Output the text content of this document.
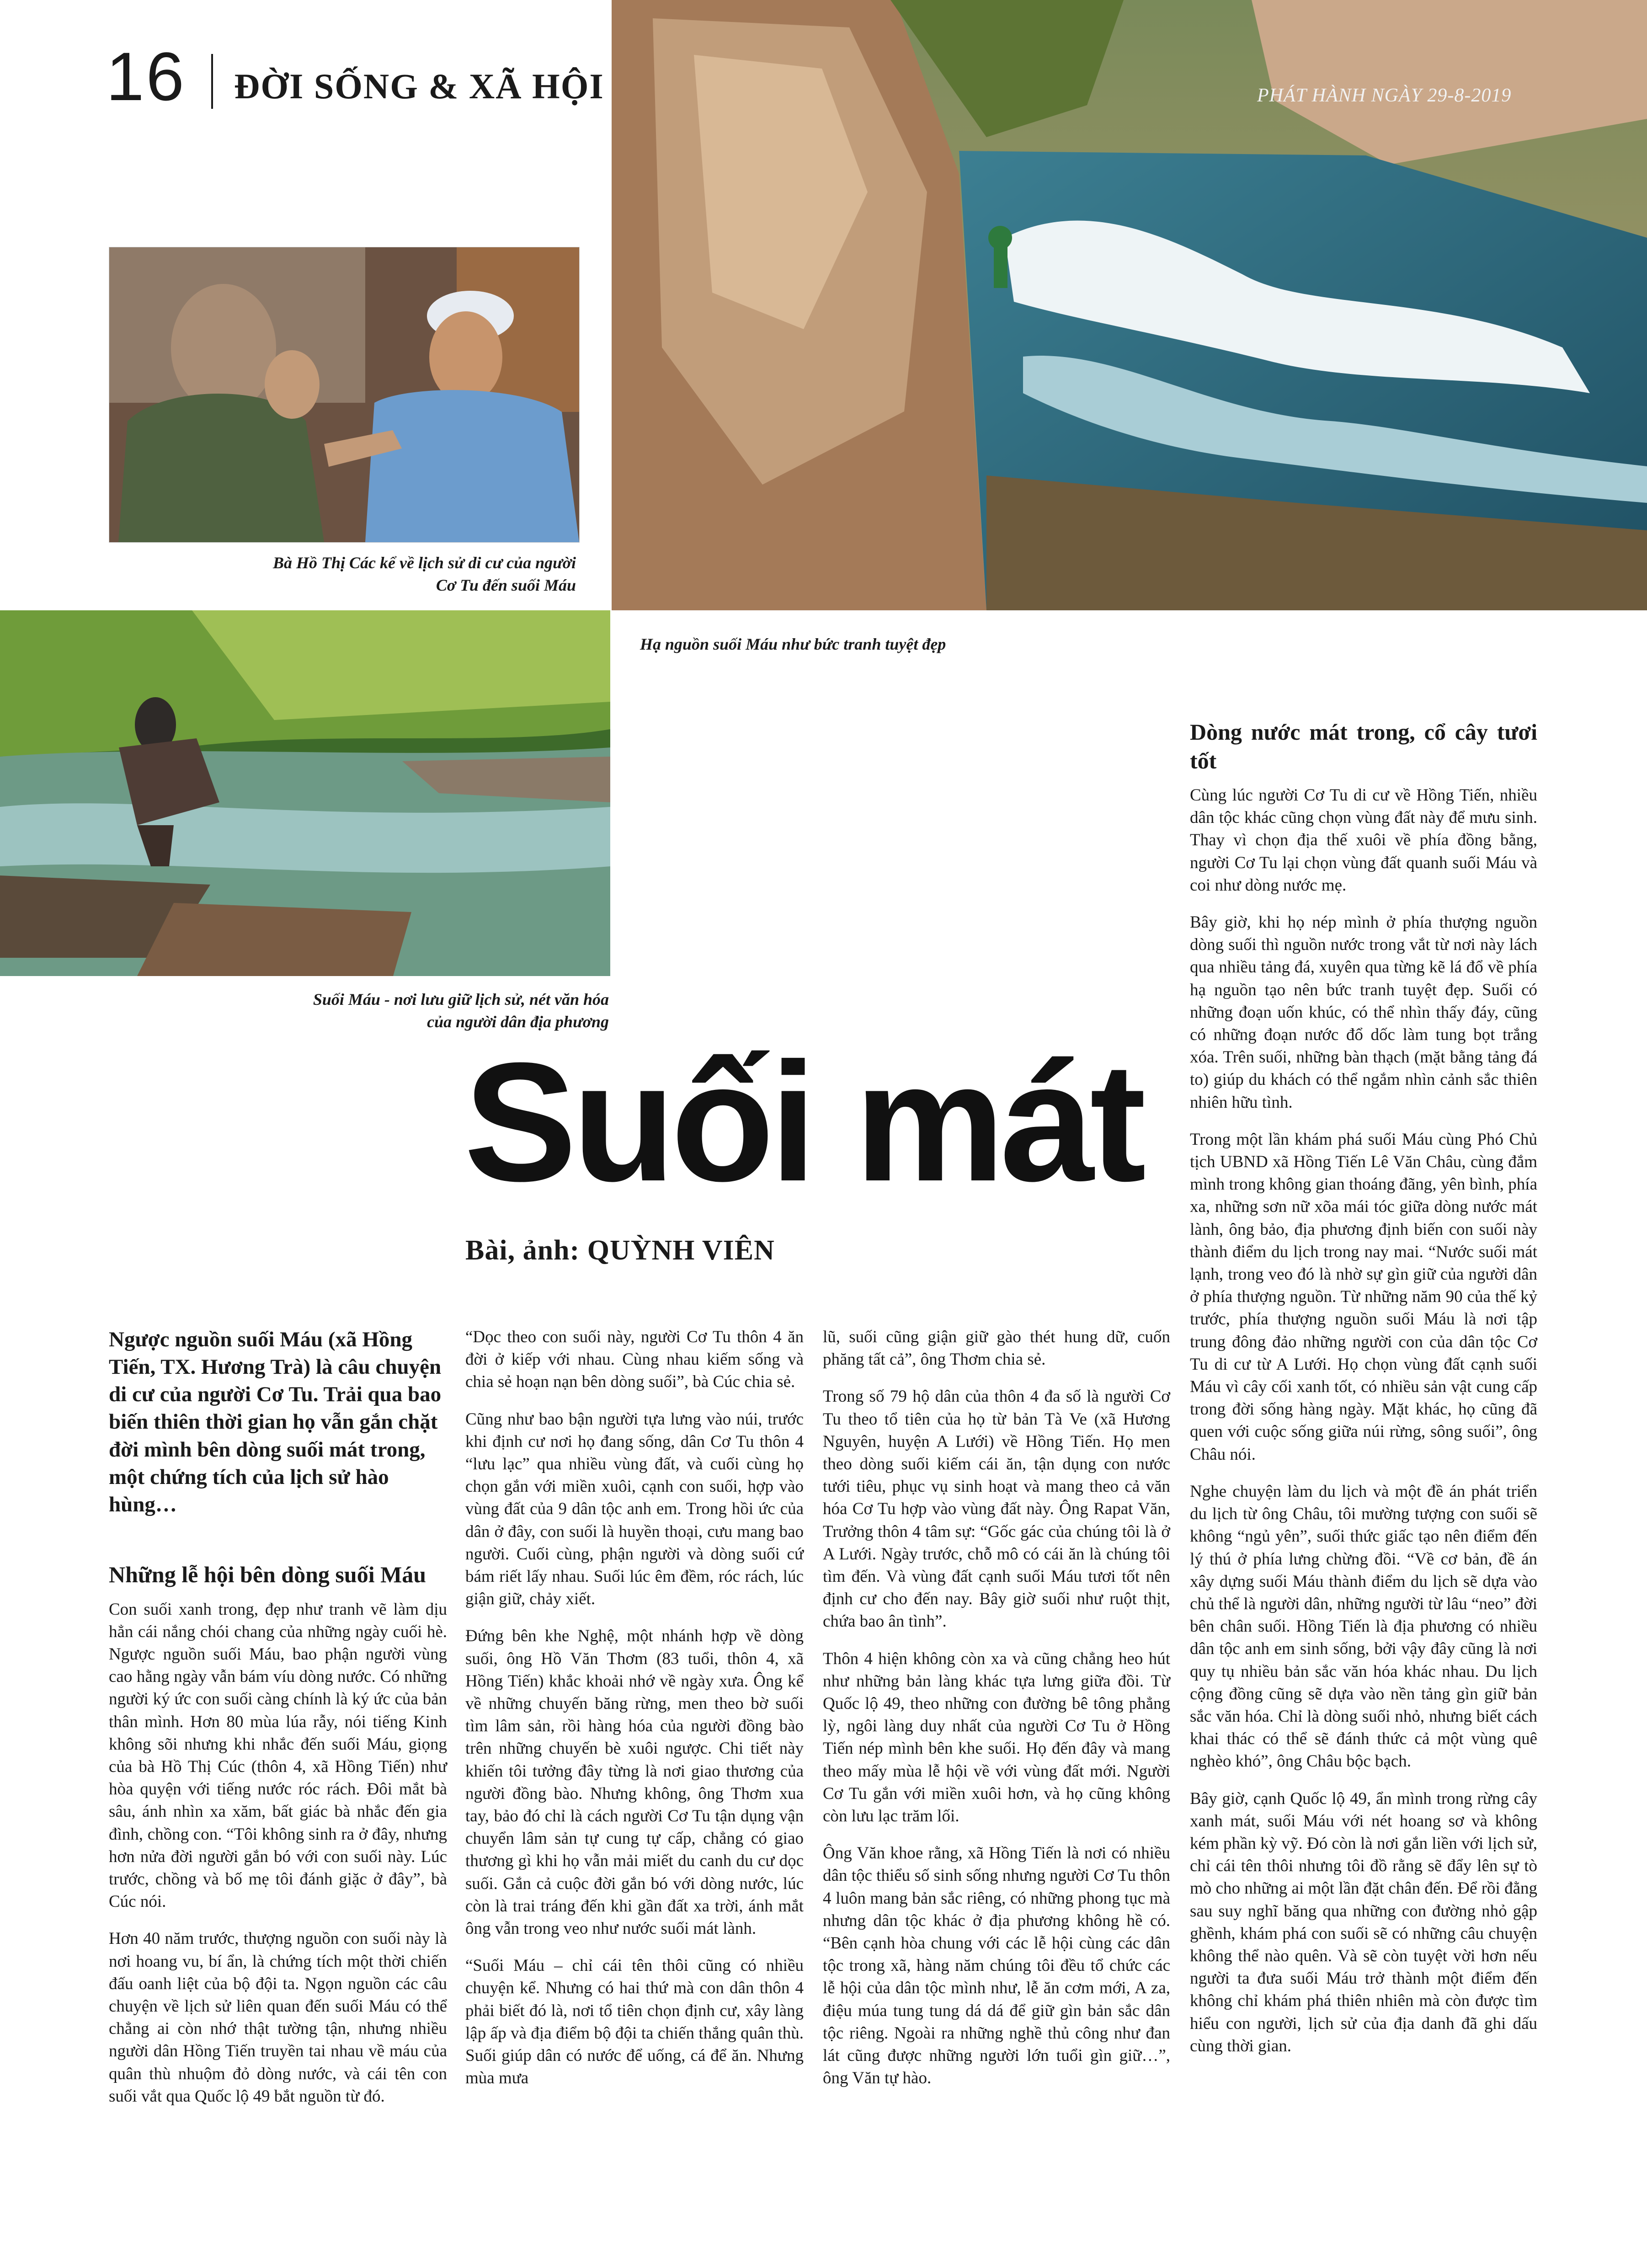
16 ĐỜI SỐNG & XÃ HỘI	PHÁT HÀNH NGÀY 29-8-2019
Bà Hồ Thị Các kể về lịch sử di cư của người Cơ Tu đến suối Máu
Hạ nguồn suối Máu như bức tranh tuyệt đẹp
Suối Máu - nơi lưu giữ lịch sử, nét văn hóa của người dân địa phương
Suối mát
Bài, ảnh: QUỲNH VIÊN

Ngược nguồn suối Máu (xã Hồng Tiến, TX. Hương Trà) là câu chuyện di cư của người Cơ Tu. Trải qua bao biến thiên thời gian họ vẫn gắn chặt đời mình bên dòng suối mát trong, một chứng tích của lịch sử hào hùng…

Những lễ hội bên dòng suối Máu

Con suối xanh trong, đẹp như tranh vẽ làm dịu hẳn cái nắng chói chang của những ngày cuối hè. Ngược nguồn suối Máu, bao phận người vùng cao hằng ngày vẫn bám víu dòng nước. Có những người ký ức con suối càng chính là ký ức của bản thân mình. Hơn 80 mùa lúa rẫy, nói tiếng Kinh không sõi nhưng khi nhắc đến suối Máu, giọng của bà Hồ Thị Cúc (thôn 4, xã Hồng Tiến) như hòa quyện với tiếng nước róc rách. Đôi mắt bà sâu, ánh nhìn xa xăm, bất giác bà nhắc đến gia đình, chồng con. “Tôi không sinh ra ở đây, nhưng hơn nửa đời người gắn bó với con suối này. Lúc trước, chồng và bố mẹ tôi đánh giặc ở đây”, bà Cúc nói.

Hơn 40 năm trước, thượng nguồn con suối này là nơi hoang vu, bí ẩn, là chứng tích một thời chiến đấu oanh liệt của bộ đội ta. Ngọn nguồn các câu chuyện về lịch sử liên quan đến suối Máu có thể chẳng ai còn nhớ thật tường tận, nhưng nhiều người dân Hồng Tiến truyền tai nhau về máu của quân thù nhuộm đỏ dòng nước, và cái tên con suối vắt qua Quốc lộ 49 bắt nguồn từ đó.

“Dọc theo con suối này, người Cơ Tu thôn 4 ăn đời ở kiếp với nhau. Cùng nhau kiếm sống và chia sẻ hoạn nạn bên dòng suối”, bà Cúc chia sẻ.

Cũng như bao bận người tựa lưng vào núi, trước khi định cư nơi họ đang sống, dân Cơ Tu thôn 4 “lưu lạc” qua nhiều vùng đất, và cuối cùng họ chọn gắn với miền xuôi, cạnh con suối, hợp vào vùng đất của 9 dân tộc anh em. Trong hồi ức của dân ở đây, con suối là huyền thoại, cưu mang bao người. Cuối cùng, phận người và dòng suối cứ bám riết lấy nhau. Suối lúc êm đềm, róc rách, lúc giận giữ, chảy xiết.

Đứng bên khe Nghệ, một nhánh hợp về dòng suối, ông Hồ Văn Thơm (83 tuổi, thôn 4, xã Hồng Tiến) khắc khoải nhớ về ngày xưa. Ông kể về những chuyến băng rừng, men theo bờ suối tìm lâm sản, rồi hàng hóa của người đồng bào trên những chuyến bè xuôi ngược. Chi tiết này khiến tôi tưởng đây từng là nơi giao thương của người đồng bào. Nhưng không, ông Thơm xua tay, bảo đó chỉ là cách người Cơ Tu tận dụng vận chuyển lâm sản tự cung tự cấp, chẳng có giao thương gì khi họ vẫn mải miết du canh du cư dọc suối. Gắn cả cuộc đời gắn bó với dòng nước, lúc còn là trai tráng đến khi gần đất xa trời, ánh mắt ông vẫn trong veo như nước suối mát lành.

“Suối Máu – chỉ cái tên thôi cũng có nhiều chuyện kể. Nhưng có hai thứ mà con dân thôn 4 phải biết đó là, nơi tổ tiên chọn định cư, xây làng lập ấp và địa điểm bộ đội ta chiến thắng quân thù. Suối giúp dân có nước để uống, cá để ăn. Nhưng mùa mưa

lũ, suối cũng giận giữ gào thét hung dữ, cuốn phăng tất cả”, ông Thơm chia sẻ.

Trong số 79 hộ dân của thôn 4 đa số là người Cơ Tu theo tổ tiên của họ từ bản Tà Ve (xã Hương Nguyên, huyện A Lưới) về Hồng Tiến. Họ men theo dòng suối kiếm cái ăn, tận dụng con nước tưới tiêu, phục vụ sinh hoạt và mang theo cả văn hóa Cơ Tu hợp vào vùng đất này. Ông Rapat Văn, Trưởng thôn 4 tâm sự: “Gốc gác của chúng tôi là ở A Lưới. Ngày trước, chỗ mô có cái ăn là chúng tôi tìm đến. Và vùng đất cạnh suối Máu tươi tốt nên định cư cho đến nay. Bây giờ suối như ruột thịt, chứa bao ân tình”.

Thôn 4 hiện không còn xa và cũng chẳng heo hút như những bản làng khác tựa lưng giữa đồi. Từ Quốc lộ 49, theo những con đường bê tông phẳng lỳ, ngôi làng duy nhất của người Cơ Tu ở Hồng Tiến nép mình bên khe suối. Họ đến đây và mang theo mấy mùa lễ hội về với vùng đất mới. Người Cơ Tu gắn với miền xuôi hơn, và họ cũng không còn lưu lạc trăm lối.

Ông Văn khoe rằng, xã Hồng Tiến là nơi có nhiều dân tộc thiểu số sinh sống nhưng người Cơ Tu thôn 4 luôn mang bản sắc riêng, có những phong tục mà nhưng dân tộc khác ở địa phương không hề có. “Bên cạnh hòa chung với các lễ hội cùng các dân tộc trong xã, hàng năm chúng tôi đều tổ chức các lễ hội của dân tộc mình như, lễ ăn cơm mới, A za, điệu múa tung tung dá dá để giữ gìn bản sắc dân tộc riêng. Ngoài ra những nghề thủ công như đan lát cũng được những người lớn tuổi gìn giữ…”, ông Văn tự hào.

Dòng nước mát trong, cổ cây tươi tốt

Cùng lúc người Cơ Tu di cư về Hồng Tiến, nhiều dân tộc khác cũng chọn vùng đất này để mưu sinh. Thay vì chọn địa thế xuôi về phía đồng bằng, người Cơ Tu lại chọn vùng đất quanh suối Máu và coi như dòng nước mẹ.

Bây giờ, khi họ nép mình ở phía thượng nguồn dòng suối thì nguồn nước trong vắt từ nơi này lách qua nhiều tảng đá, xuyên qua từng kẽ lá đổ về phía hạ nguồn tạo nên bức tranh tuyệt đẹp. Suối có những đoạn uốn khúc, có thể nhìn thấy đáy, cũng có những đoạn nước đổ dốc làm tung bọt trắng xóa. Trên suối, những bàn thạch (mặt bằng tảng đá to) giúp du khách có thể ngắm nhìn cảnh sắc thiên nhiên hữu tình.

Trong một lần khám phá suối Máu cùng Phó Chủ tịch UBND xã Hồng Tiến Lê Văn Châu, cùng đắm mình trong không gian thoáng đãng, yên bình, phía xa, những sơn nữ xõa mái tóc giữa dòng nước mát lành, ông bảo, địa phương định biến con suối này thành điểm du lịch trong nay mai. “Nước suối mát lạnh, trong veo đó là nhờ sự gìn giữ của người dân ở phía thượng nguồn. Từ những năm 90 của thế kỷ trước, phía thượng nguồn suối Máu là nơi tập trung đông đảo những người con của dân tộc Cơ Tu di cư từ A Lưới. Họ chọn vùng đất cạnh suối Máu vì cây cối xanh tốt, có nhiều sản vật cung cấp trong đời sống hàng ngày. Mặt khác, họ cũng đã quen với cuộc sống giữa núi rừng, sông suối”, ông Châu nói.

Nghe chuyện làm du lịch và một đề án phát triển du lịch từ ông Châu, tôi mường tượng con suối sẽ không “ngủ yên”, suối thức giấc tạo nên điểm đến lý thú ở phía lưng chừng đồi. “Về cơ bản, đề án xây dựng suối Máu thành điểm du lịch sẽ dựa vào chủ thể là người dân, những người từ lâu “neo” đời bên chân suối. Hồng Tiến là địa phương có nhiều dân tộc anh em sinh sống, bởi vậy đây cũng là nơi quy tụ nhiều bản sắc văn hóa khác nhau. Du lịch cộng đồng cũng sẽ dựa vào nền tảng gìn giữ bản sắc văn hóa. Chỉ là dòng suối nhỏ, nhưng biết cách khai thác có thể sẽ đánh thức cả một vùng quê nghèo khó”, ông Châu bộc bạch.

Bây giờ, cạnh Quốc lộ 49, ẩn mình trong rừng cây xanh mát, suối Máu với nét hoang sơ và không kém phần kỳ vỹ. Đó còn là nơi gắn liền với lịch sử, chỉ cái tên thôi nhưng tôi đồ rằng sẽ đẩy lên sự tò mò cho những ai một lần đặt chân đến. Để rồi đằng sau suy nghĩ băng qua những con đường nhỏ gập ghềnh, khám phá con suối sẽ có những câu chuyện không thể nào quên. Và sẽ còn tuyệt vời hơn nếu người ta đưa suối Máu trở thành một điểm đến không chỉ khám phá thiên nhiên mà còn được tìm hiểu con người, lịch sử của địa danh đã ghi dấu cùng thời gian.
